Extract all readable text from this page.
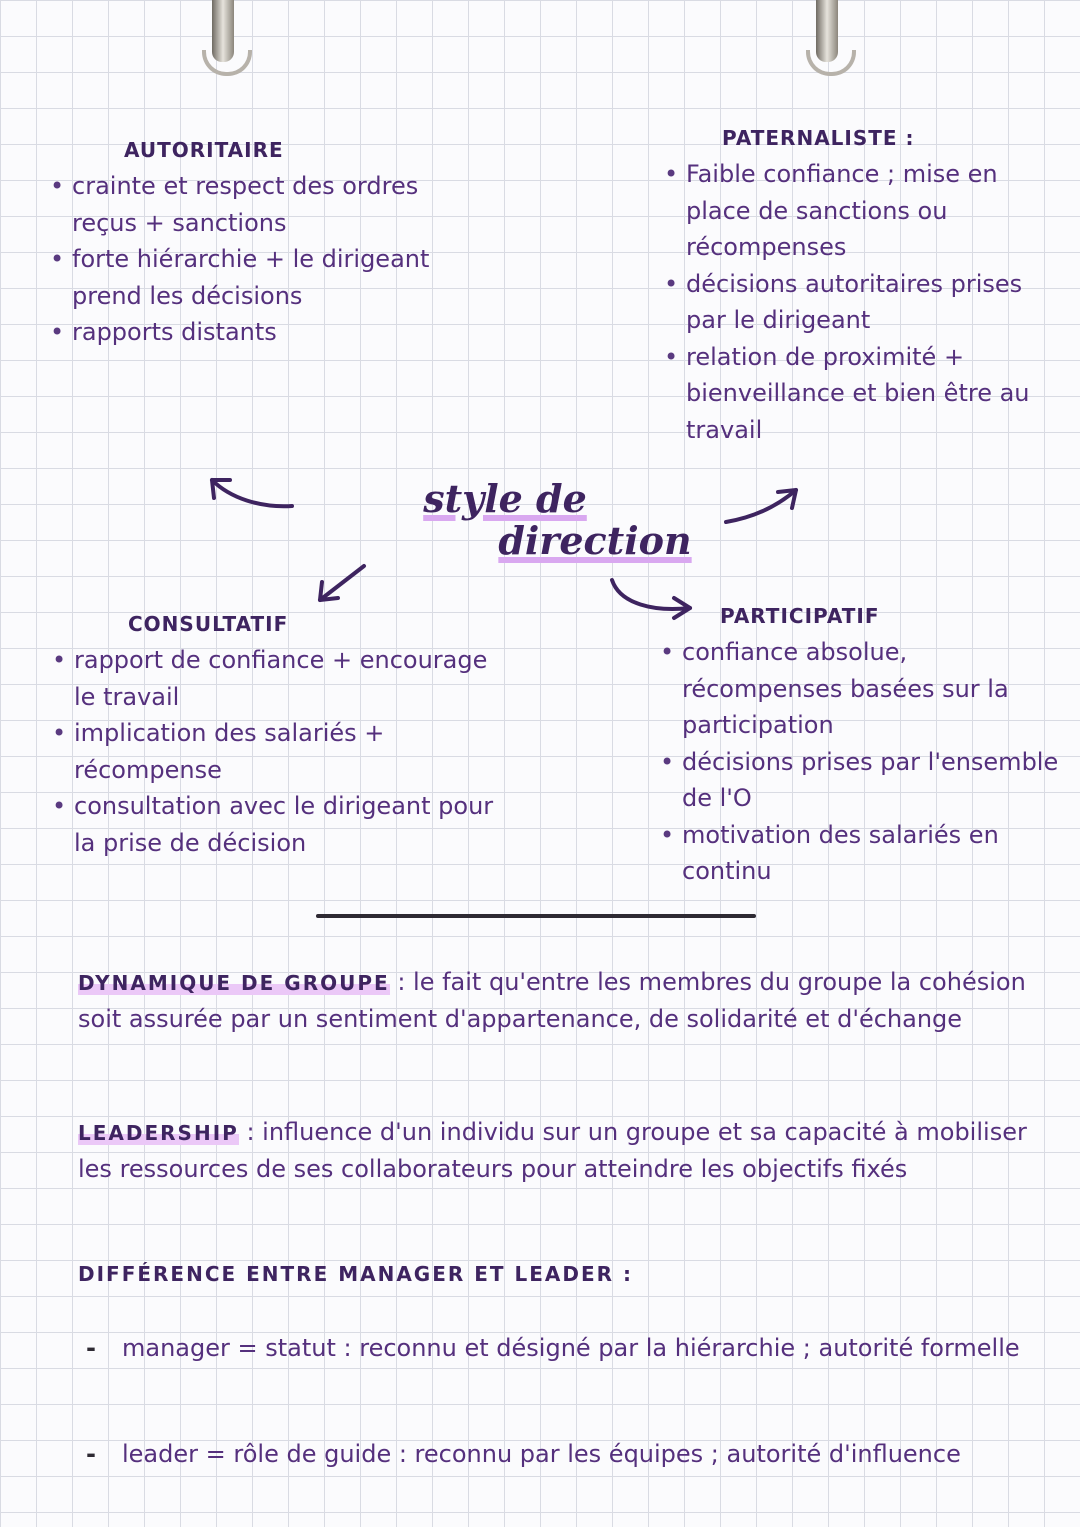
AUTORITAIRE
• crainte et respect des ordres reçus + sanctions
• forte hiérarchie + le dirigeant prend les décisions
• rapports distants
PATERNALISTE :
• Faible confiance ; mise en place de sanctions ou récompenses
• décisions autoritaires prises par le dirigeant
• relation de proximité + bienveillance et bien être au travail
style de
direction
CONSULTATIF
• rapport de confiance + encourage le travail
• implication des salariés + récompense
• consultation avec le dirigeant pour la prise de décision
PARTICIPATIF
• confiance absolue, récompenses basées sur la participation
• décisions prises par l'ensemble de l'O
• motivation des salariés en continu
DYNAMIQUE DE GROUPE : le fait qu'entre les membres du groupe la cohésion soit assurée par un sentiment d'appartenance, de solidarité et d'échange
LEADERSHIP : influence d'un individu sur un groupe et sa capacité à mobiliser les ressources de ses collaborateurs pour atteindre les objectifs fixés
DIFFÉRENCE ENTRE MANAGER ET LEADER :
- manager = statut : reconnu et désigné par la hiérarchie ; autorité formelle
- leader = rôle de guide : reconnu par les équipes ; autorité d'influence
